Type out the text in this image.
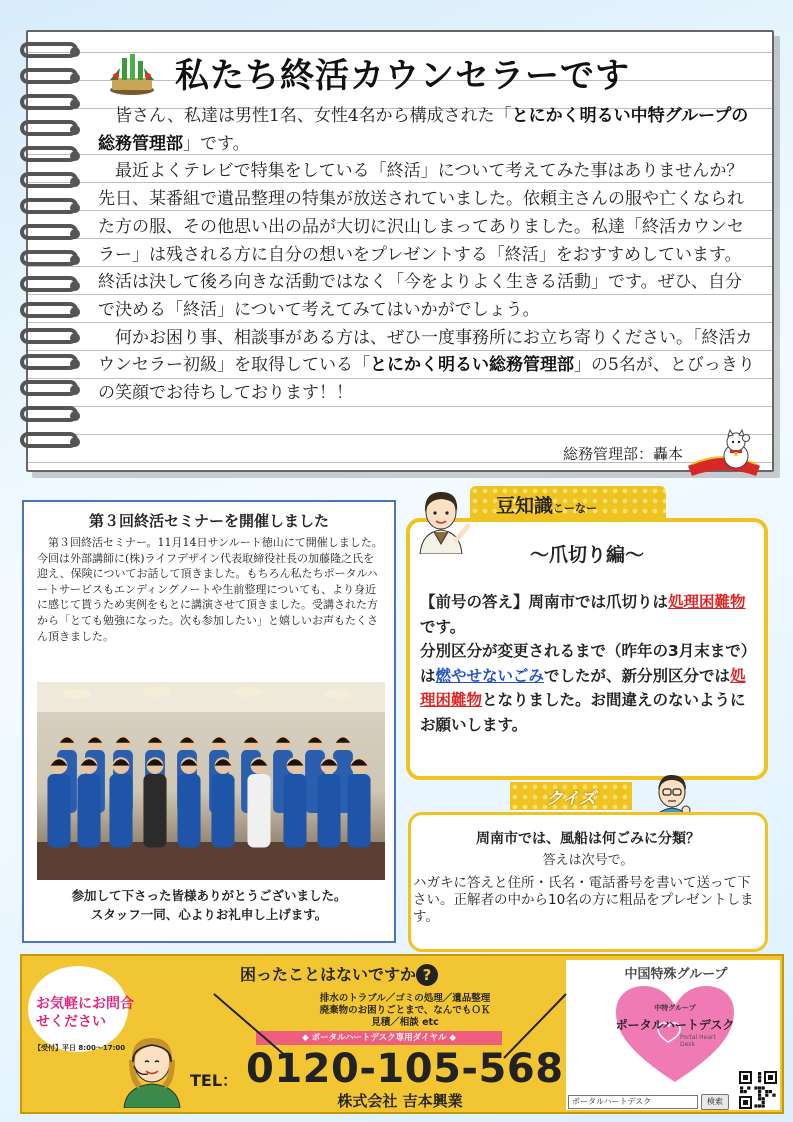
私たち終活カウンセラーです

皆さん、私達は男性1名、女性4名から構成された「とにかく明るい中特グループの総務管理部」です。

最近よくテレビで特集をしている「終活」について考えてみた事はありませんか？先日、某番組で遺品整理の特集が放送されていました。依頼主さんの服や亡くなられた方の服、その他思い出の品が大切に沢山しまってありました。私達「終活カウンセラー」は残される方に自分の想いをプレゼントする「終活」をおすすめしています。終活は決して後ろ向きな活動ではなく「今をよりよく生きる活動」です。ぜひ、自分で決める「終活」について考えてみてはいかがでしょう。

何かお困り事、相談事がある方は、ぜひ一度事務所にお立ち寄りください。「終活カウンセラー初級」を取得している「とにかく明るい総務管理部」の5名が、とびっきりの笑顔でお待ちしております！！

総務管理部：轟本
第３回終活セミナーを開催しました
第３回終活セミナー。11月14日サンルート徳山にて開催しました。今回は外部講師に(株)ライフデザイン代表取締役社長の加藤隆之氏を迎え、保険についてお話して頂きました。もちろん私たちポータルハートサービスもエンディングノートや生前整理についても、より身近に感じて貰うため実例をもとに講演させて頂きました。受講された方から「とても勉強になった。次も参加したい」と嬉しいお声もたくさん頂きました。
参加して下さった皆様ありがとうございました。
スタッフ一同、心よりお礼申し上げます。
豆知識こーなー
～爪切り編～
【前号の答え】周南市では爪切りは処理困難物です。
分別区分が変更されるまで（昨年の3月末まで）は燃やせないごみでしたが、新分別区分では処理困難物となりました。お間違えのないようにお願いします。
クイズ
周南市では、風船は何ごみに分類？
答えは次号で。
ハガキに答えと住所・氏名・電話番号を書いて送って下さい。正解者の中から10名の方に粗品をプレゼントします。
お気軽にお問合
せください
【受付】平日 8:00～17:00
困ったことはないですか ?
排水のトラブル／ゴミの処理／遺品整理
廃棄物のお困りごとまで、なんでもＯＫ
見積／相談 etc
◆ ポータルハートデスク専用ダイヤル ◆
TEL： 0120-105-568
株式会社 吉本興業
中国特殊グループ
中特グループ
ポータルハートデスク
Portal Heart Desk
ポータルハートデスク	検索
